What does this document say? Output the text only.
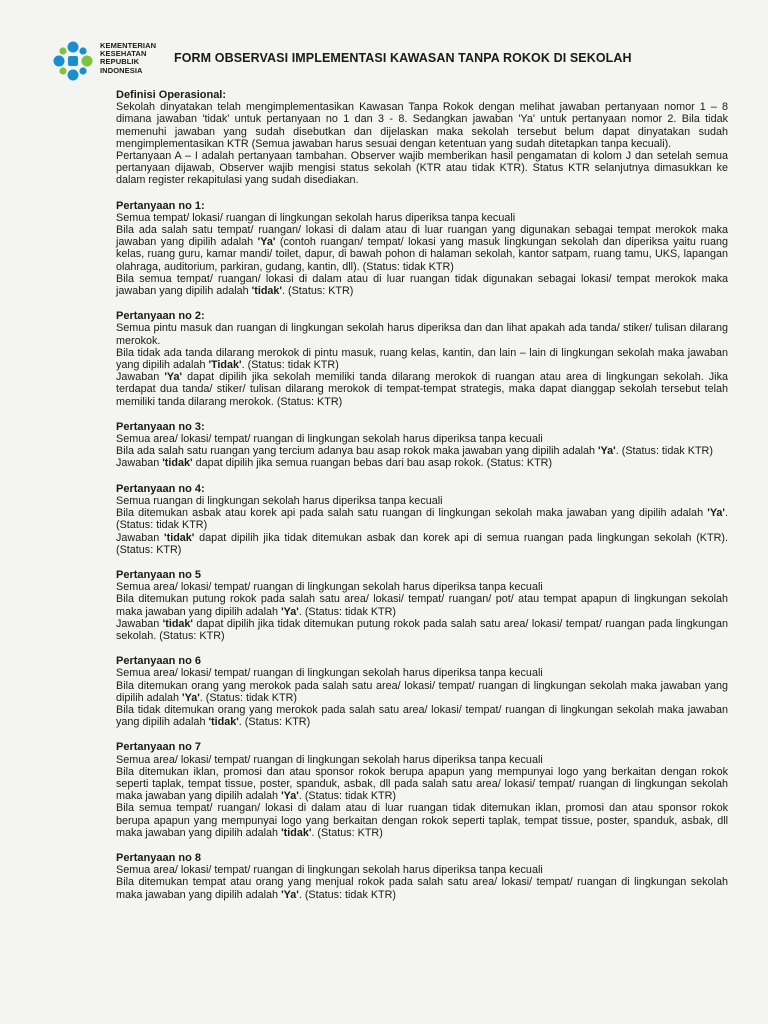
KEMENTERIAN
KESEHATAN
REPUBLIK
INDONESIA
FORM OBSERVASI IMPLEMENTASI KAWASAN TANPA ROKOK DI SEKOLAH
Definisi Operasional:
Sekolah dinyatakan telah mengimplementasikan Kawasan Tanpa Rokok dengan melihat jawaban pertanyaan nomor 1 – 8 dimana jawaban 'tidak' untuk pertanyaan no 1 dan 3 - 8. Sedangkan jawaban 'Ya' untuk pertanyaan nomor 2. Bila tidak memenuhi jawaban yang sudah disebutkan dan dijelaskan maka sekolah tersebut belum dapat dinyatakan sudah mengimplementasikan KTR (Semua jawaban harus sesuai dengan ketentuan yang sudah ditetapkan tanpa kecuali).
Pertanyaan A – I adalah pertanyaan tambahan. Observer wajib memberikan hasil pengamatan di kolom J dan setelah semua pertanyaan dijawab, Observer wajib mengisi status sekolah (KTR atau tidak KTR). Status KTR selanjutnya dimasukkan ke dalam register rekapitulasi yang sudah disediakan.
Pertanyaan no 1:
Semua tempat/ lokasi/ ruangan di lingkungan sekolah harus diperiksa tanpa kecuali
Bila ada salah satu tempat/ ruangan/ lokasi di dalam atau di luar ruangan yang digunakan sebagai tempat merokok maka jawaban yang dipilih adalah 'Ya' (contoh ruangan/ tempat/ lokasi yang masuk lingkungan sekolah dan diperiksa yaitu ruang kelas, ruang guru, kamar mandi/ toilet, dapur, di bawah pohon di halaman sekolah, kantor satpam, ruang tamu, UKS, lapangan olahraga, auditorium, parkiran, gudang, kantin, dll). (Status: tidak KTR)
Bila semua tempat/ ruangan/ lokasi di dalam atau di luar ruangan tidak digunakan sebagai lokasi/ tempat merokok maka jawaban yang dipilih adalah 'tidak'. (Status: KTR)
Pertanyaan no 2:
Semua pintu masuk dan ruangan di lingkungan sekolah harus diperiksa dan dan lihat apakah ada tanda/ stiker/ tulisan dilarang merokok.
Bila tidak ada tanda dilarang merokok di pintu masuk, ruang kelas, kantin, dan lain – lain di lingkungan sekolah maka jawaban yang dipilih adalah 'Tidak'. (Status: tidak KTR)
Jawaban 'Ya' dapat dipilih jika sekolah memiliki tanda dilarang merokok di ruangan atau area di lingkungan sekolah. Jika terdapat dua tanda/ stiker/ tulisan dilarang merokok di tempat-tempat strategis, maka dapat dianggap sekolah tersebut telah memiliki tanda dilarang merokok. (Status: KTR)
Pertanyaan no 3:
Semua area/ lokasi/ tempat/ ruangan di lingkungan sekolah harus diperiksa tanpa kecuali
Bila ada salah satu ruangan yang tercium adanya bau asap rokok maka jawaban yang dipilih adalah 'Ya'. (Status: tidak KTR)
Jawaban 'tidak' dapat dipilih jika semua ruangan bebas dari bau asap rokok. (Status: KTR)
Pertanyaan no 4:
Semua ruangan di lingkungan sekolah harus diperiksa tanpa kecuali
Bila ditemukan asbak atau korek api pada salah satu ruangan di lingkungan sekolah maka jawaban yang dipilih adalah 'Ya'. (Status: tidak KTR)
Jawaban 'tidak' dapat dipilih jika tidak ditemukan asbak dan korek api di semua ruangan pada lingkungan sekolah (KTR). (Status: KTR)
Pertanyaan no 5
Semua area/ lokasi/ tempat/ ruangan di lingkungan sekolah harus diperiksa tanpa kecuali
Bila ditemukan putung rokok pada salah satu area/ lokasi/ tempat/ ruangan/ pot/ atau tempat apapun di lingkungan sekolah maka jawaban yang dipilih adalah 'Ya'. (Status: tidak KTR)
Jawaban 'tidak' dapat dipilih jika tidak ditemukan putung rokok pada salah satu area/ lokasi/ tempat/ ruangan pada lingkungan sekolah. (Status: KTR)
Pertanyaan no 6
Semua area/ lokasi/ tempat/ ruangan di lingkungan sekolah harus diperiksa tanpa kecuali
Bila ditemukan orang yang merokok pada salah satu area/ lokasi/ tempat/ ruangan di lingkungan sekolah maka jawaban yang dipilih adalah 'Ya'. (Status: tidak KTR)
Bila tidak ditemukan orang yang merokok pada salah satu area/ lokasi/ tempat/ ruangan di lingkungan sekolah maka jawaban yang dipilih adalah 'tidak'. (Status: KTR)
Pertanyaan no 7
Semua area/ lokasi/ tempat/ ruangan di lingkungan sekolah harus diperiksa tanpa kecuali
Bila ditemukan iklan, promosi dan atau sponsor rokok berupa apapun yang mempunyai logo yang berkaitan dengan rokok seperti taplak, tempat tissue, poster, spanduk, asbak, dll pada salah satu area/ lokasi/ tempat/ ruangan di lingkungan sekolah maka jawaban yang dipilih adalah 'Ya'. (Status: tidak KTR)
Bila semua tempat/ ruangan/ lokasi di dalam atau di luar ruangan tidak ditemukan iklan, promosi dan atau sponsor rokok berupa apapun yang mempunyai logo yang berkaitan dengan rokok seperti taplak, tempat tissue, poster, spanduk, asbak, dll maka jawaban yang dipilih adalah 'tidak'. (Status: KTR)
Pertanyaan no 8
Semua area/ lokasi/ tempat/ ruangan di lingkungan sekolah harus diperiksa tanpa kecuali
Bila ditemukan tempat atau orang yang menjual rokok pada salah satu area/ lokasi/ tempat/ ruangan di lingkungan sekolah maka jawaban yang dipilih adalah 'Ya'. (Status: tidak KTR)
